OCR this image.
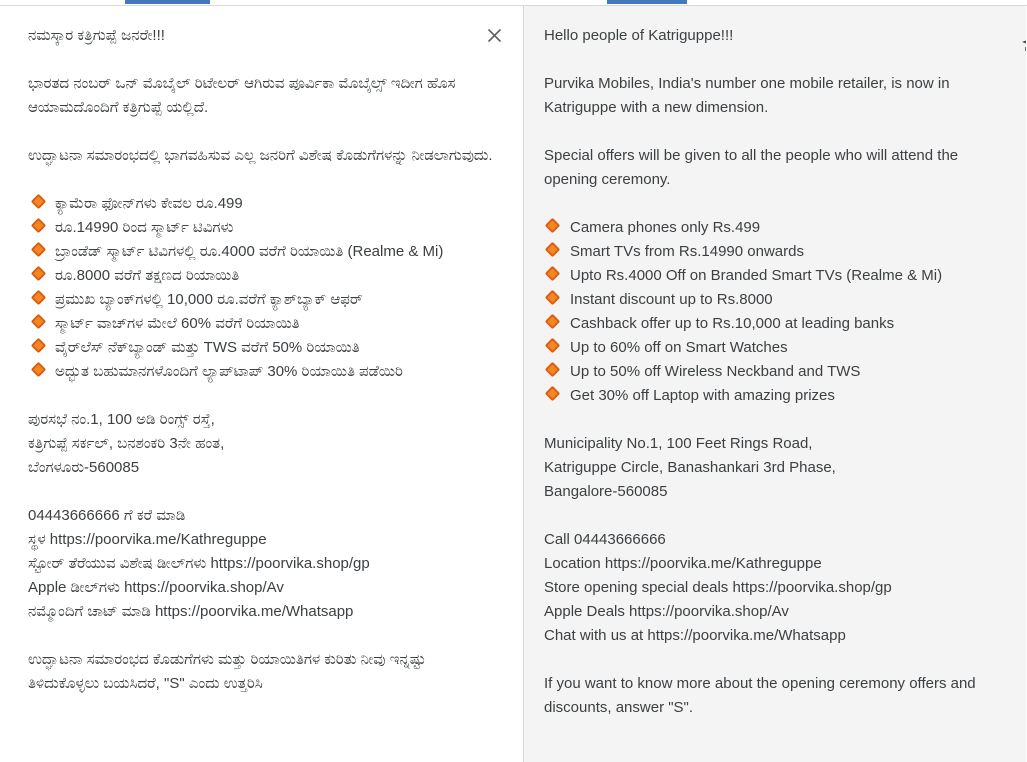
ನಮಸ್ಕಾರ ಕತ್ರಿಗುಪ್ಪೆ ಜನರೇ!!!

ಭಾರತದ ನಂಬರ್ ಒನ್ ಮೊಬೈಲ್ ರಿಟೇಲರ್ ಆಗಿರುವ ಪೂರ್ವಿಕಾ ಮೊಬೈಲ್ಸ್ ಇದೀಗ ಹೊಸ ಆಯಾಮದೊಂದಿಗೆ ಕತ್ರಿಗುಪ್ಪೆ ಯಲ್ಲಿದೆ.

ಉದ್ಘಾಟನಾ ಸಮಾರಂಭದಲ್ಲಿ ಭಾಗವಹಿಸುವ ಎಲ್ಲ ಜನರಿಗೆ ವಿಶೇಷ ಕೊಡುಗೆಗಳನ್ನು ನೀಡಲಾಗುವುದು.

ಕ್ಯಾಮೆರಾ ಫೋನ್‌ಗಳು ಕೇವಲ ರೂ.499
ರೂ.14990 ರಿಂದ ಸ್ಮಾರ್ಟ್ ಟಿವಿಗಳು
ಬ್ರಾಂಡೆಡ್ ಸ್ಮಾರ್ಟ್ ಟಿವಿಗಳಲ್ಲಿ ರೂ.4000 ವರೆಗೆ ರಿಯಾಯಿತಿ (Realme & Mi)
ರೂ.8000 ವರೆಗೆ ತಕ್ಷಣದ ರಿಯಾಯಿತಿ
ಪ್ರಮುಖ ಬ್ಯಾಂಕ್‌ಗಳಲ್ಲಿ 10,000 ರೂ.ವರೆಗೆ ಕ್ಯಾಶ್‌ಬ್ಯಾಕ್ ಆಫರ್
ಸ್ಮಾರ್ಟ್ ವಾಚ್‌ಗಳ ಮೇಲೆ 60% ವರೆಗೆ ರಿಯಾಯಿತಿ
ವೈರ್‌ಲೆಸ್ ನೆಕ್‌ಬ್ಯಾಂಡ್ ಮತ್ತು TWS ವರೆಗೆ 50% ರಿಯಾಯಿತಿ
ಅದ್ಭುತ ಬಹುಮಾನಗಳೊಂದಿಗೆ ಲ್ಯಾಪ್‌ಟಾಪ್ 30% ರಿಯಾಯಿತಿ ಪಡೆಯಿರಿ
ಪುರಸಭೆ ನಂ.1, 100 ಅಡಿ ರಿಂಗ್ಸ್ ರಸ್ತೆ,
ಕತ್ರಿಗುಪ್ಪೆ ಸರ್ಕಲ್, ಬನಶಂಕರಿ 3ನೇ ಹಂತ,
ಬೆಂಗಳೂರು-560085
04443666666 ಗೆ ಕರೆ ಮಾಡಿ
ಸ್ಥಳ https://poorvika.me/Kathreguppe
ಸ್ಟೋರ್ ತೆರೆಯುವ ವಿಶೇಷ ಡೀಲ್‌ಗಳು https://poorvika.shop/gp
Apple ಡೀಲ್‌ಗಳು https://poorvika.shop/Av
ನಮ್ಮೊಂದಿಗೆ ಚಾಟ್ ಮಾಡಿ https://poorvika.me/Whatsapp

ಉದ್ಘಾಟನಾ ಸಮಾರಂಭದ ಕೊಡುಗೆಗಳು ಮತ್ತು ರಿಯಾಯಿತಿಗಳ ಕುರಿತು ನೀವು ಇನ್ನಷ್ಟು ತಿಳಿದುಕೊಳ್ಳಲು ಬಯಸಿದರೆ, "S" ಎಂದು ಉತ್ತರಿಸಿ

Hello people of Katriguppe!!!

Purvika Mobiles, India's number one mobile retailer, is now in Katriguppe with a new dimension.

Special offers will be given to all the people who will attend the opening ceremony.

Camera phones only Rs.499
Smart TVs from Rs.14990 onwards
Upto Rs.4000 Off on Branded Smart TVs (Realme & Mi)
Instant discount up to Rs.8000
Cashback offer up to Rs.10,000 at leading banks
Up to 60% off on Smart Watches
Up to 50% off Wireless Neckband and TWS
Get 30% off Laptop with amazing prizes
Municipality No.1, 100 Feet Rings Road,
Katriguppe Circle, Banashankari 3rd Phase,
Bangalore-560085
Call 04443666666
Location https://poorvika.me/Kathreguppe
Store opening special deals https://poorvika.shop/gp
Apple Deals https://poorvika.shop/Av
Chat with us at https://poorvika.me/Whatsapp

If you want to know more about the opening ceremony offers and discounts, answer "S".
